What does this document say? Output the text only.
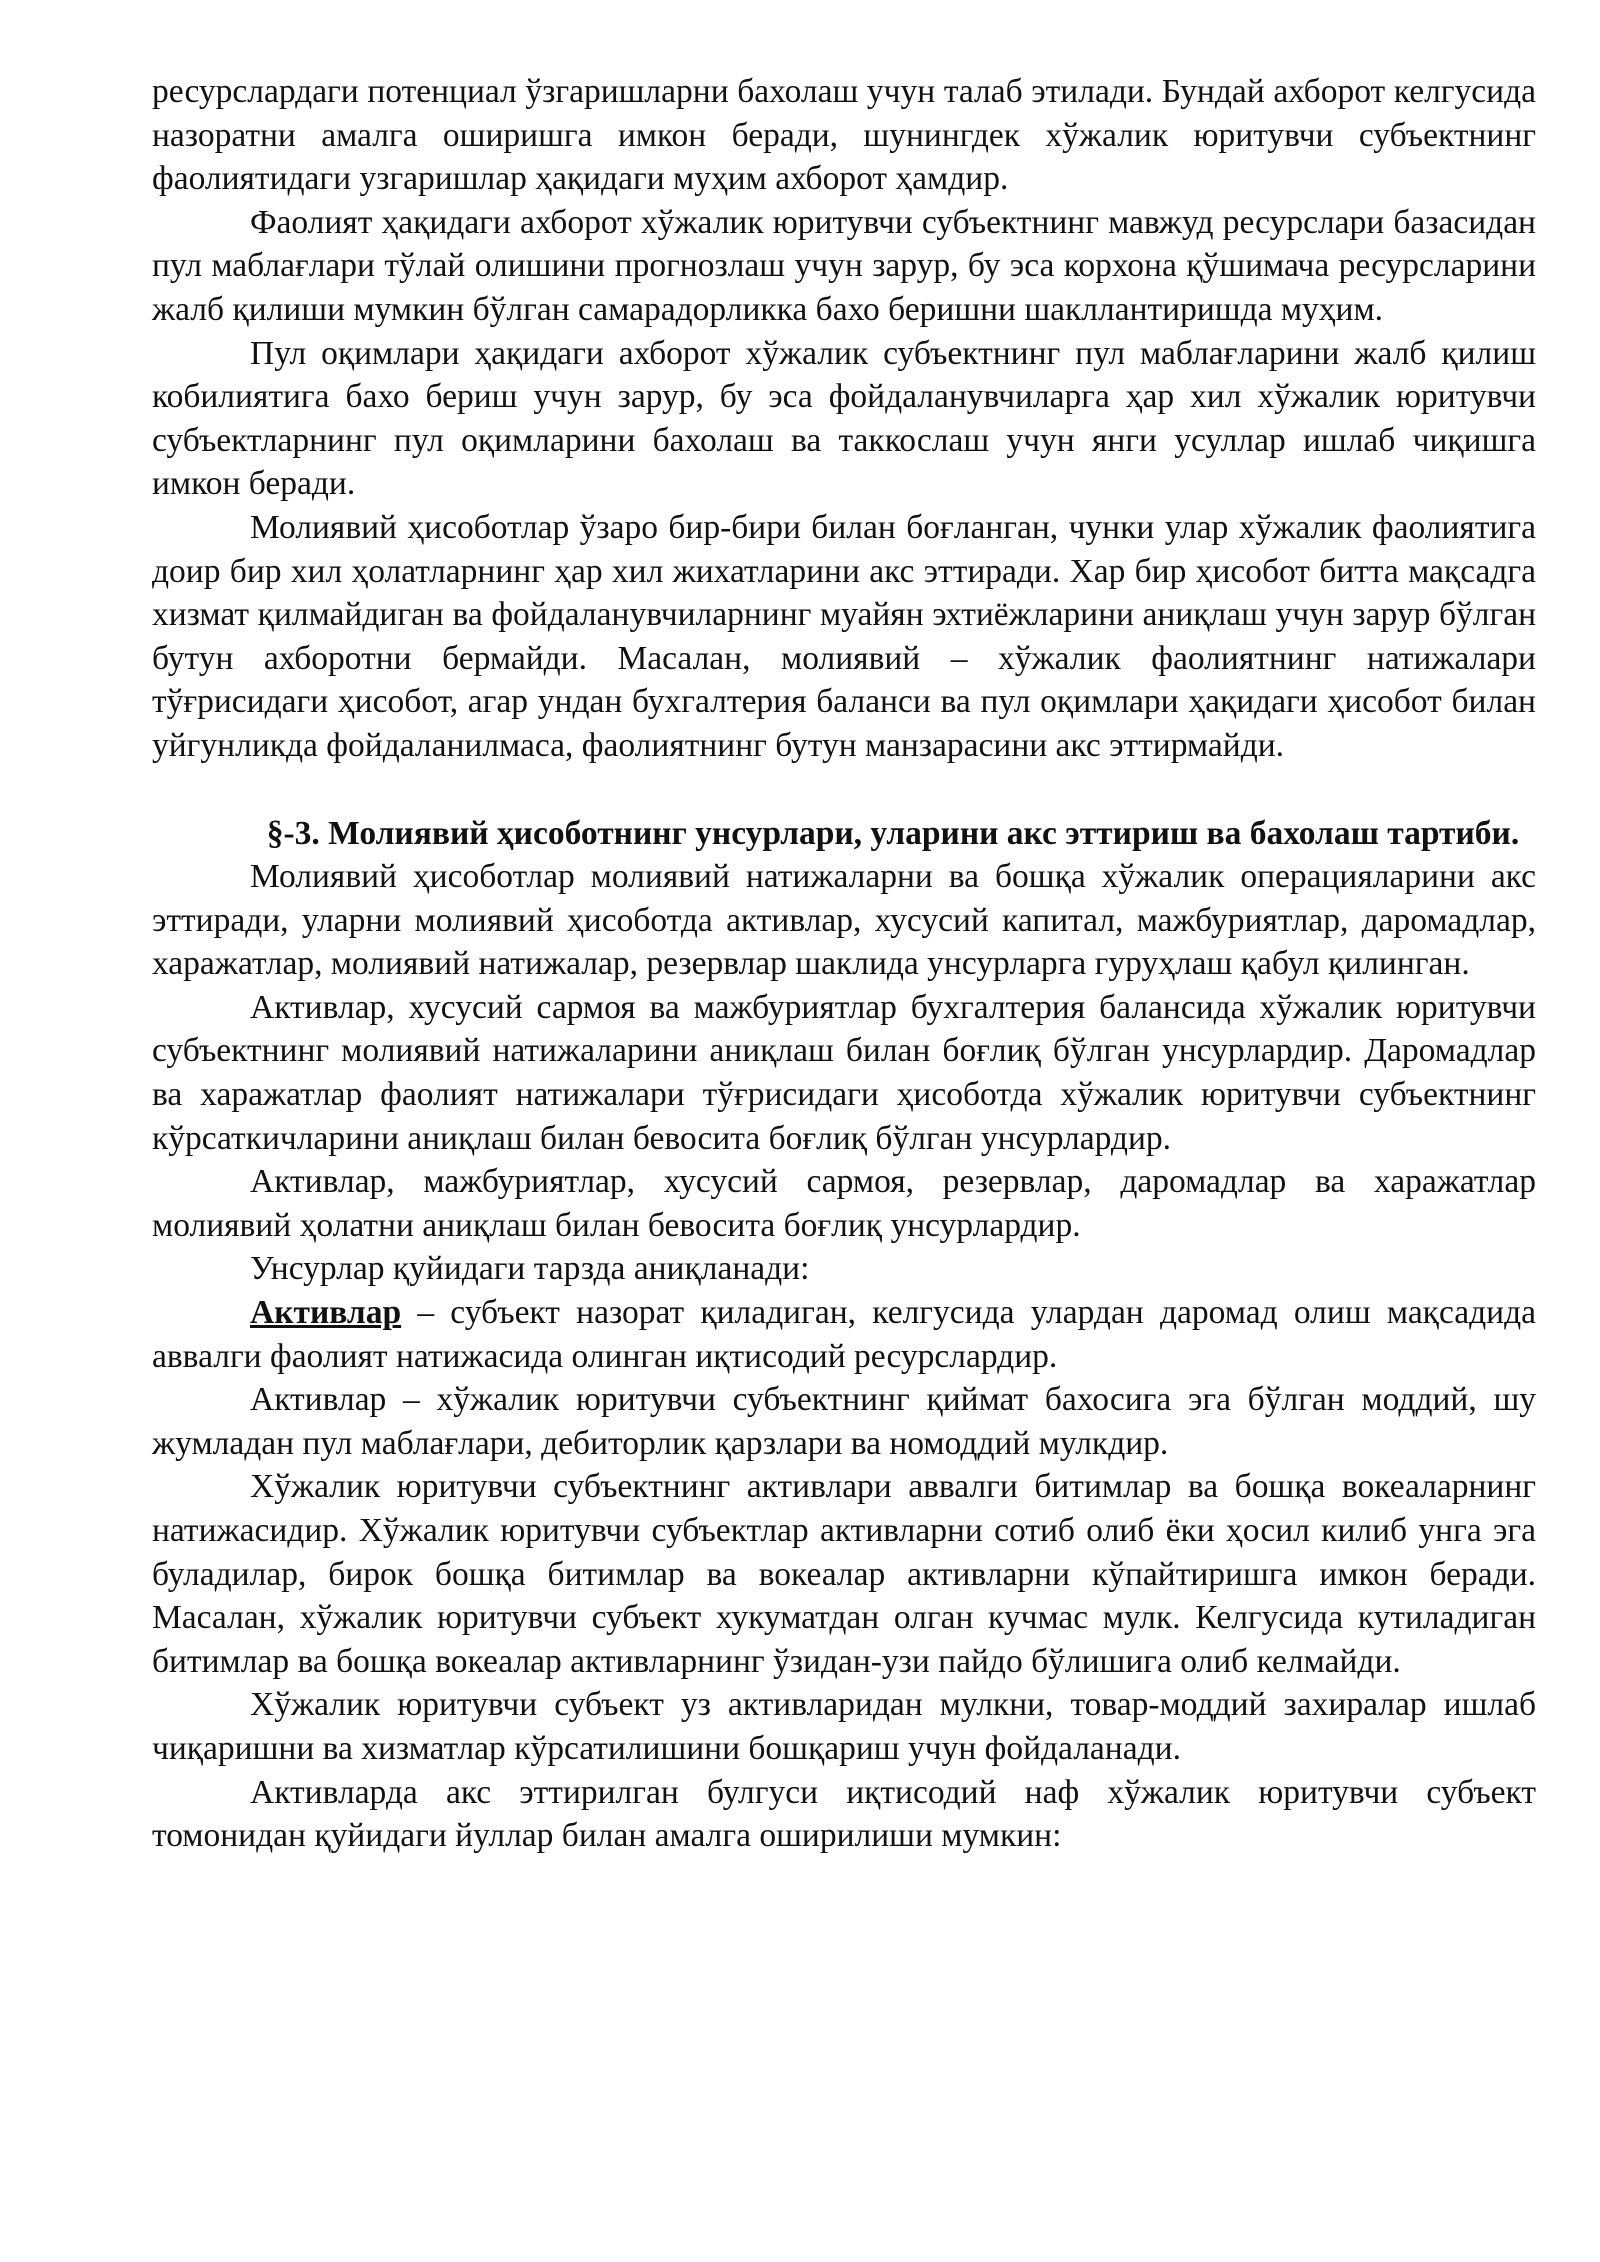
ресурслардаги потенциал ўзгаришларни бахолаш учун талаб этилади. Бундай ахборот келгусида назоратни амалга оширишга имкон беради, шунингдек хўжалик юритувчи субъектнинг фаолиятидаги узгаришлар ҳақидаги муҳим ахборот ҳамдир.

Фаолият ҳақидаги ахборот хўжалик юритувчи субъектнинг мавжуд ресурслари базасидан пул маблағлари тўлай олишини прогнозлаш учун зарур, бу эса корхона қўшимача ресурсларини жалб қилиши мумкин бўлган самарадорликка бахо беришни шакллантиришда муҳим.

Пул оқимлари ҳақидаги ахборот хўжалик субъектнинг пул маблағларини жалб қилиш кобилиятига бахо бериш учун зарур, бу эса фойдаланувчиларга ҳар хил хўжалик юритувчи субъектларнинг пул оқимларини бахолаш ва таккослаш учун янги усуллар ишлаб чиқишга имкон беради.

Молиявий ҳисоботлар ўзаро бир-бири билан боғланган, чунки улар хўжалик фаолиятига доир бир хил ҳолатларнинг ҳар хил жихатларини акс эттиради. Хар бир ҳисобот битта мақсадга хизмат қилмайдиган ва фойдаланувчиларнинг муайян эхтиёжларини аниқлаш учун зарур бўлган бутун ахборотни бермайди. Масалан, молиявий – хўжалик фаолиятнинг натижалари тўғрисидаги ҳисобот, агар ундан бухгалтерия баланси ва пул оқимлари ҳақидаги ҳисобот билан уйгунликда фойдаланилмаса, фаолиятнинг бутун манзарасини акс эттирмайди.

§-3. Молиявий ҳисоботнинг унсурлари, уларини акс эттириш ва бахолаш тартиби.

Молиявий ҳисоботлар молиявий натижаларни ва бошқа хўжалик операцияларини акс эттиради, уларни молиявий ҳисоботда активлар, хусусий капитал, мажбуриятлар, даромадлар, харажатлар, молиявий натижалар, резервлар шаклида унсурларга гуруҳлаш қабул қилинган.

Активлар, хусусий сармоя ва мажбуриятлар бухгалтерия балансида хўжалик юритувчи субъектнинг молиявий натижаларини аниқлаш билан боғлиқ бўлган унсурлардир. Даромадлар ва харажатлар фаолият натижалари тўғрисидаги ҳисоботда хўжалик юритувчи субъектнинг кўрсаткичларини аниқлаш билан бевосита боғлиқ бўлган унсурлардир.

Активлар, мажбуриятлар, хусусий сармоя, резервлар, даромадлар ва харажатлар молиявий ҳолатни аниқлаш билан бевосита боғлиқ унсурлардир.

Унсурлар қуйидаги тарзда аниқланади:

Активлар – субъект назорат қиладиган, келгусида улардан даромад олиш мақсадида аввалги фаолият натижасида олинган иқтисодий ресурслардир.

Активлар – хўжалик юритувчи субъектнинг қиймат бахосига эга бўлган моддий, шу жумладан пул маблағлари, дебиторлик қарзлари ва номоддий мулкдир.

Хўжалик юритувчи субъектнинг активлари аввалги битимлар ва бошқа вокеаларнинг натижасидир. Хўжалик юритувчи субъектлар активларни сотиб олиб ёки ҳосил килиб унга эга буладилар, бирок бошқа битимлар ва вокеалар активларни кўпайтиришга имкон беради. Масалан, хўжалик юритувчи субъект хукуматдан олган кучмас мулк. Келгусида кутиладиган битимлар ва бошқа вокеалар активларнинг ўзидан-узи пайдо бўлишига олиб келмайди.

Хўжалик юритувчи субъект уз активларидан мулкни, товар-моддий захиралар ишлаб чиқаришни ва хизматлар кўрсатилишини бошқариш учун фойдаланади.

Активларда акс эттирилган булгуси иқтисодий наф хўжалик юритувчи субъект томонидан қуйидаги йуллар билан амалга оширилиши мумкин:
